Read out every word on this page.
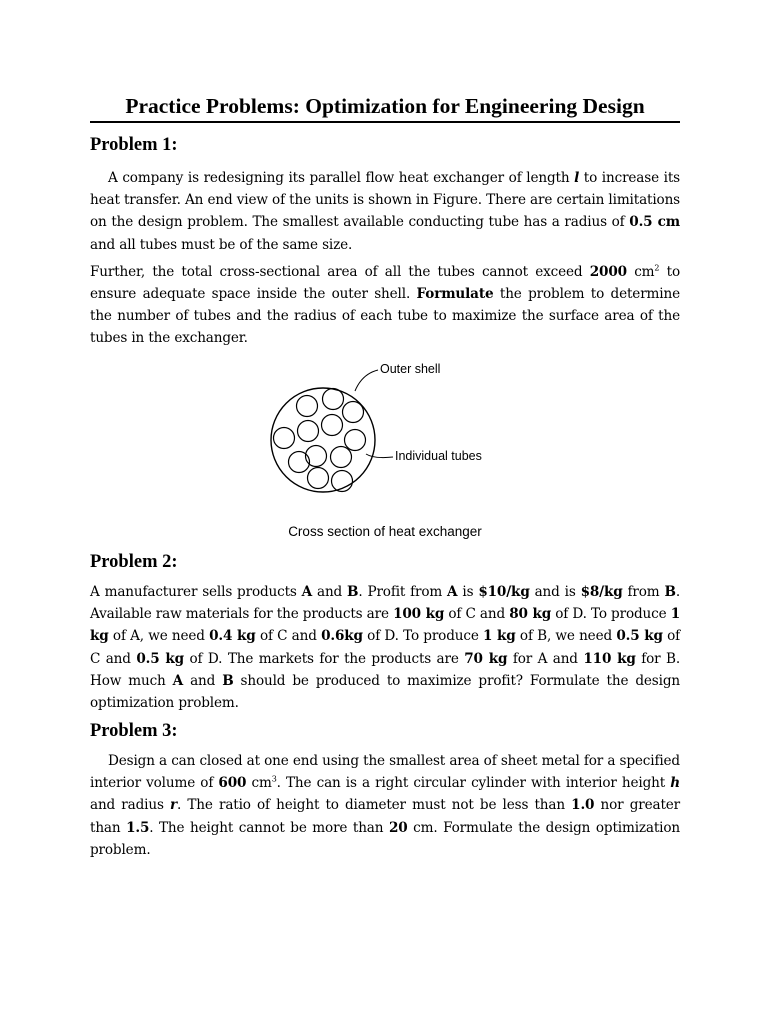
Practice Problems: Optimization for Engineering Design
Problem 1:

A company is redesigning its parallel flow heat exchanger of length l to increase its heat transfer. An end view of the units is shown in Figure. There are certain limitations on the design problem. The smallest available conducting tube has a radius of 0.5 cm and all tubes must be of the same size.

Further, the total cross-sectional area of all the tubes cannot exceed 2000 $cm^2$ to ensure adequate space inside the outer shell. Formulate the problem to determine the number of tubes and the radius of each tube to maximize the surface area of the tubes in the exchanger.

Outer shell
Individual tubes
Cross section of heat exchanger
Problem 2:

A manufacturer sells products A and B. Profit from A is $10/kg and is $8/kg from B. Available raw materials for the products are 100 kg of C and 80 kg of D. To produce 1 kg of A, we need 0.4 kg of C and 0.6kg of D. To produce 1 kg of B, we need 0.5 kg of C and 0.5 kg of D. The markets for the products are 70 kg for A and 110 kg for B. How much A and B should be produced to maximize profit? Formulate the design optimization problem.

Problem 3:

Design a can closed at one end using the smallest area of sheet metal for a specified interior volume of 600 $cm^3$. The can is a right circular cylinder with interior height h and radius r. The ratio of height to diameter must not be less than 1.0 nor greater than 1.5. The height cannot be more than 20 cm. Formulate the design optimization problem.
